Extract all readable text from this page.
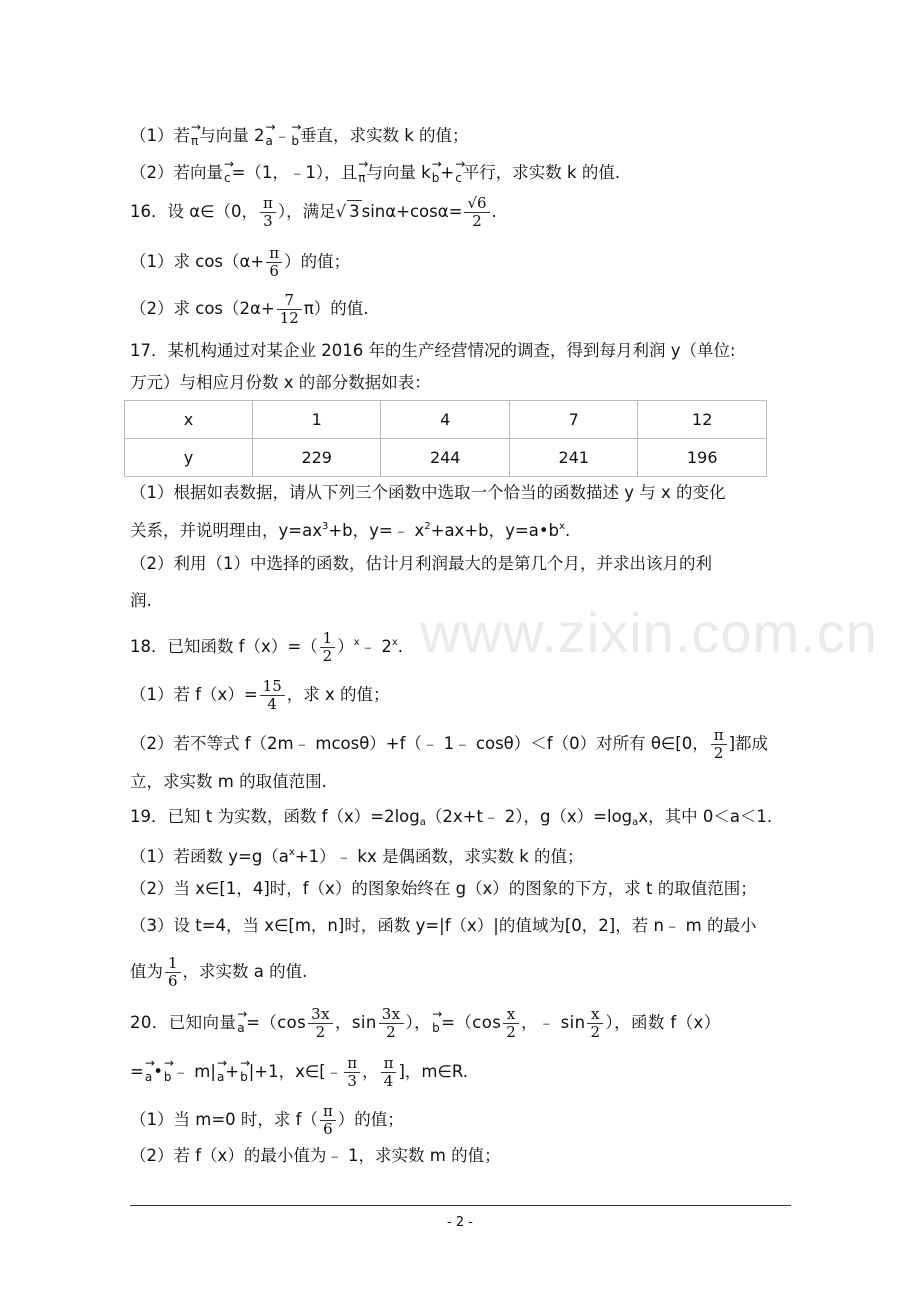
www.zixin.com.cn
（1）若→ π与向量 2→ a﹣→ b垂直，求实数 k 的值；
（2）若向量→ c=（1，﹣1），且→ π与向量 k→ b+→ c平行，求实数 k 的值.
16．设 α∈（0， $\frac{\pi}{3}$ ），满足√ 3 $\sin\alpha+\cos\alpha= \frac{√6}{2}$ .
（1）求 $\cos(\alpha+ \frac{\pi}{6}$ ）的值；
（2）求 $\cos(2\alpha+ \frac{7}{12} \pi)$的值.
17．某机构通过对某企业 2016 年的生产经营情况的调查，得到每月利润 y（单位:
万元）与相应月份数 x 的部分数据如表：
x	1	4	7	12
y	229	244	241	196
（1）根据如表数据，请从下列三个函数中选取一个恰当的函数描述 y 与 x 的变化
关系，并说明理由，$y=ax^3+b$，y=﹣ $x^2+ax+b$，$y=a•b^x$.
（2）利用（1）中选择的函数，估计月利润最大的是第几个月，并求出该月的利
润.
18．已知函数 $f(x)=( \frac{1}{2}$ ）$^x﹣$ 2$^x$.
（1）若 $f(x)= \frac{15}{4}$ ，求 x 的值；
（2）若不等式 f（2m﹣ mcosθ）+f（﹣ 1﹣ cosθ）＜f（0）对所有 θ∈[0， $\frac{\pi}{2}$ ]都成
立，求实数 m 的取值范围.
19．已知 t 为实数，函数 $f(x)=2\log_a(2x+t﹣$ 2），$g(x)=\log_ax$，其中 0＜a＜1.
（1）若函数 $y=g(a^x+1)﹣$ kx 是偶函数，求实数 k 的值；
（2）当 x∈[1，4]时，f（x）的图象始终在 g（x）的图象的下方，求 t 的取值范围；
（3）设 t=4，当 x∈[m，n]时，函数 y=|f（x）|的值域为[0，2]，若 n﹣ m 的最小
值为 $\frac{1}{6}$ ，求实数 a 的值.
20．已知向量→ $a=(\cos \frac{3x}{2}$ ，$\sin \frac{3x}{2}$ ），→ $b=(\cos \frac{x}{2}$ ，﹣ $\sin \frac{x}{2}$ ），函数 f（x）
=→ a•→ b﹣ m|→ a+→ b|+1，x∈[﹣ $\frac{\pi}{3}$ ， $\frac{\pi}{4}$ ]，m∈R.
（1）当 m=0 时，求 $f( \frac{\pi}{6}$ ）的值；
（2）若 f（x）的最小值为﹣ 1，求实数 m 的值；
- 2 -
